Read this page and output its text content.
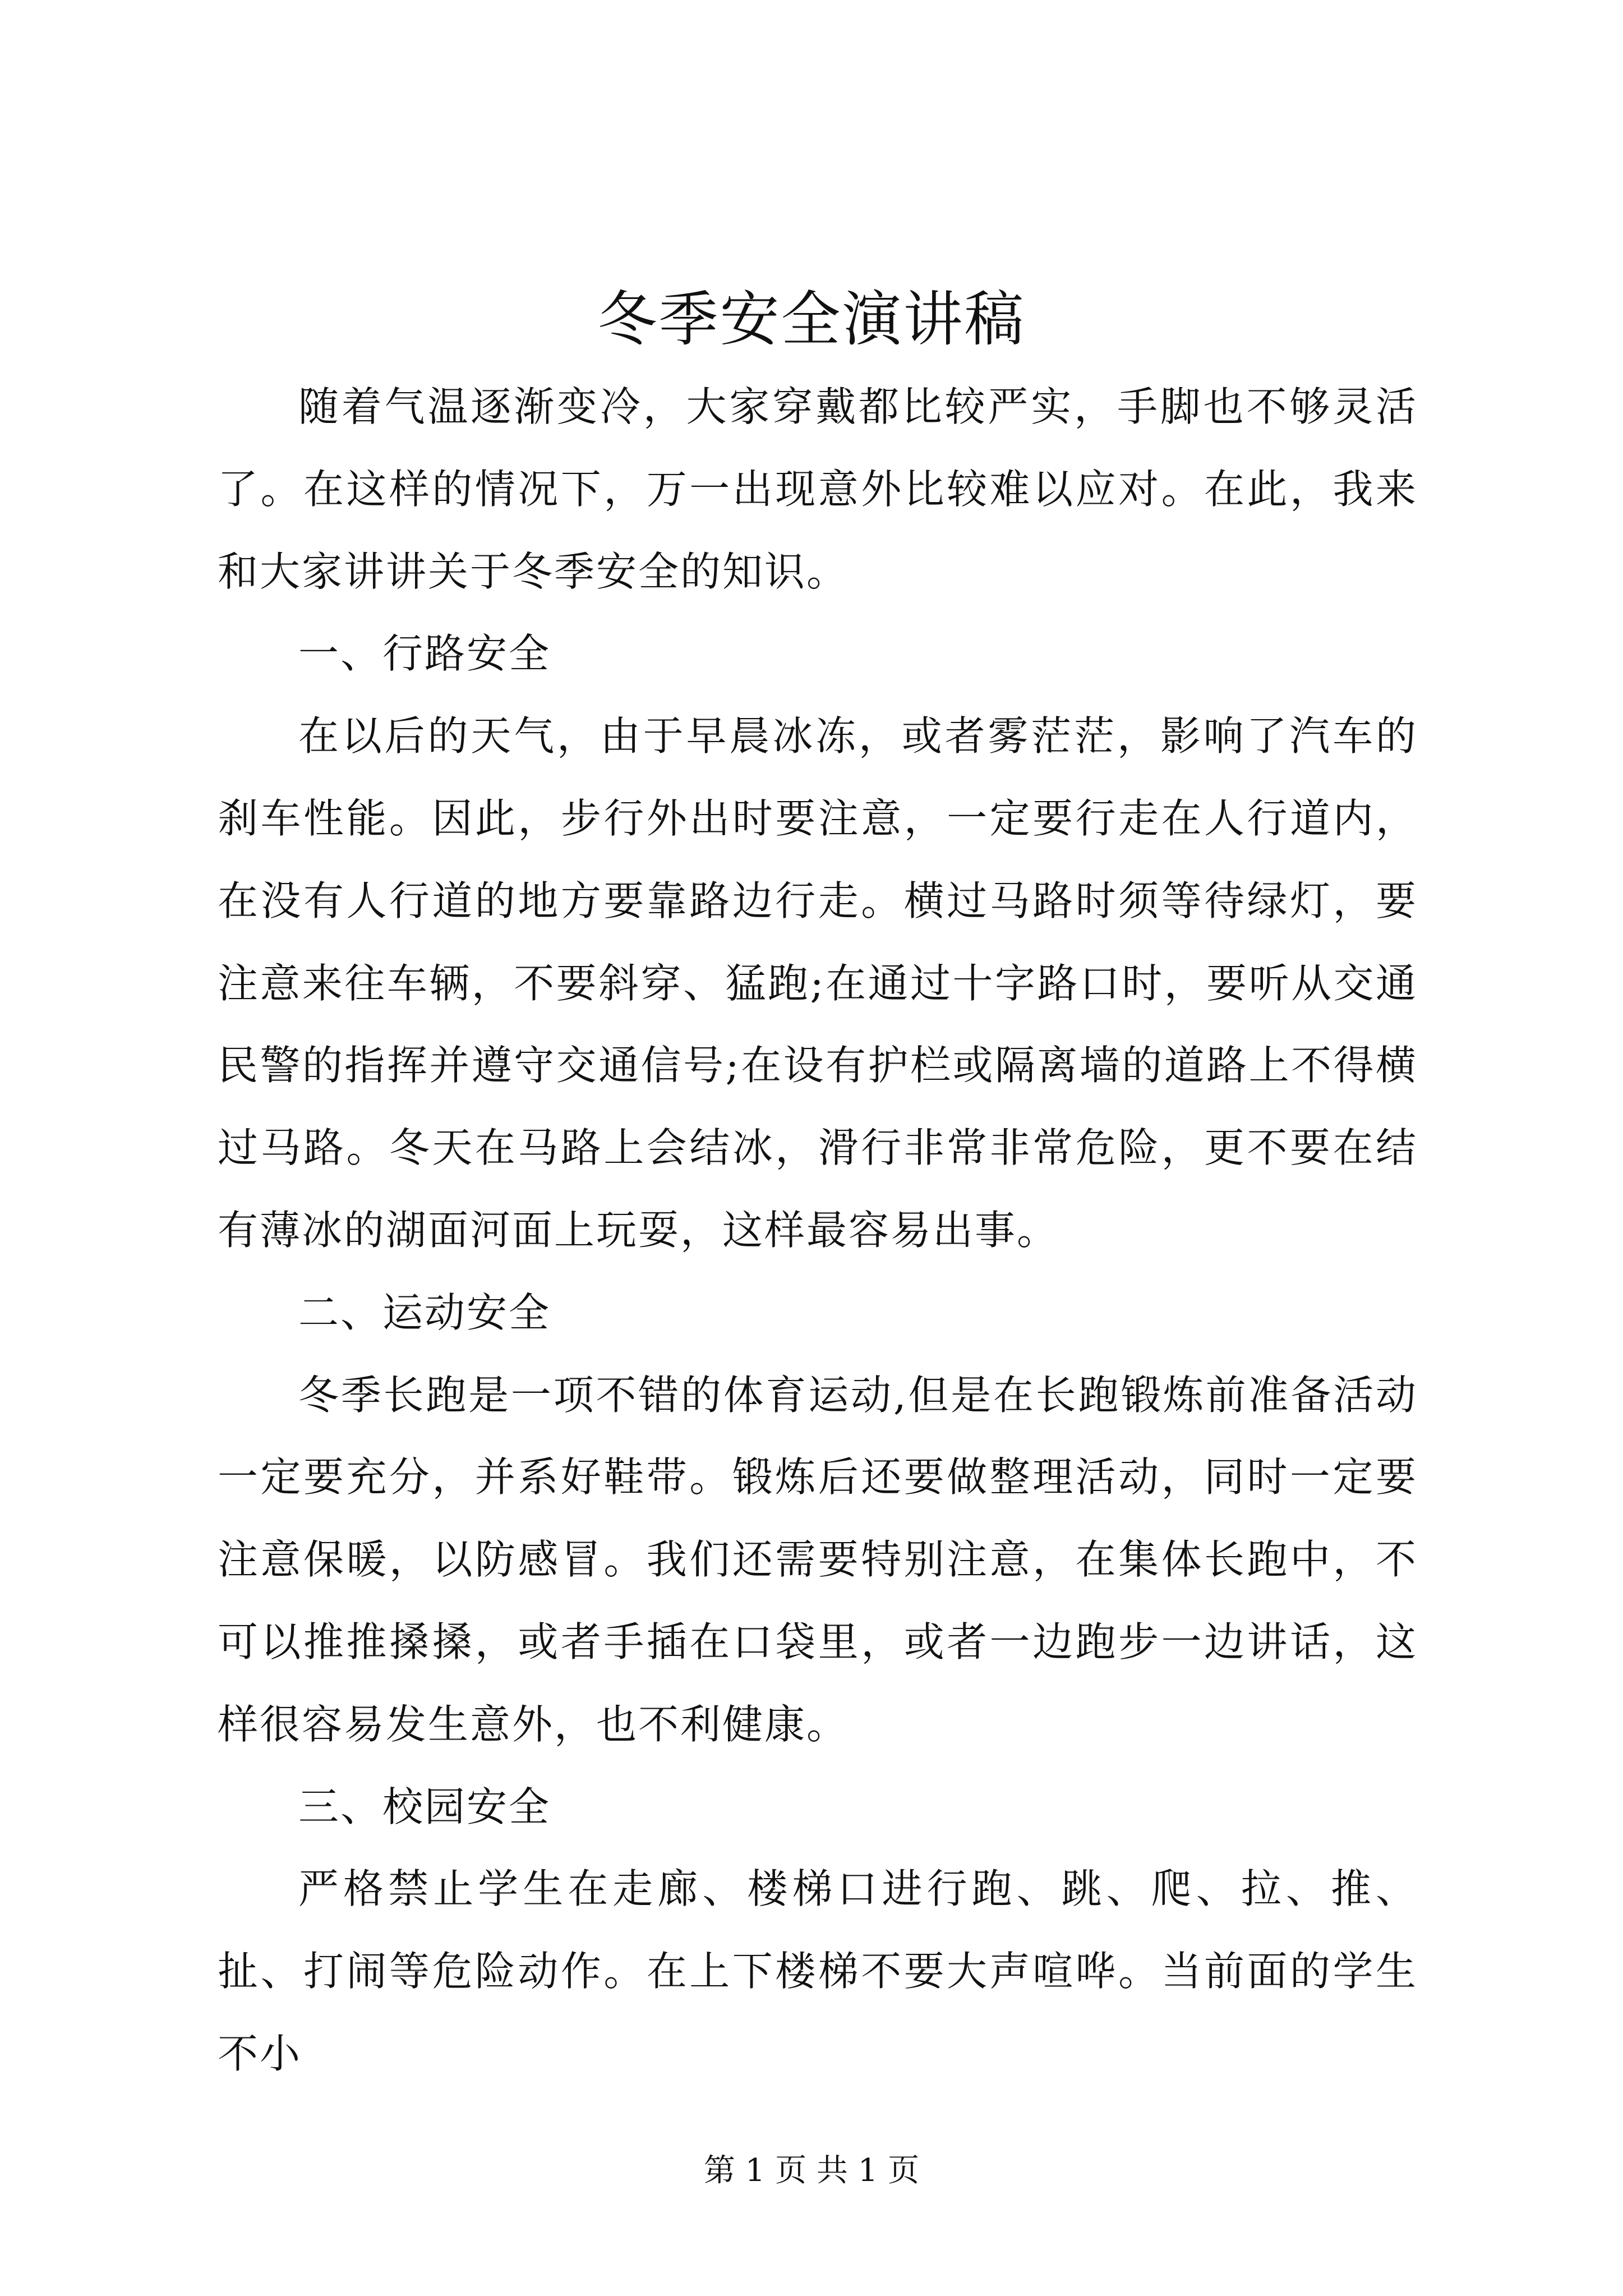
冬季安全演讲稿

随着气温逐渐变冷，大家穿戴都比较严实，手脚也不够灵活了。在这样的情况下，万一出现意外比较难以应对。在此，我来和大家讲讲关于冬季安全的知识。

一、行路安全

在以后的天气，由于早晨冰冻，或者雾茫茫，影响了汽车的刹车性能。因此，步行外出时要注意，一定要行走在人行道内，在没有人行道的地方要靠路边行走。横过马路时须等待绿灯，要注意来往车辆，不要斜穿、猛跑;在通过十字路口时，要听从交通民警的指挥并遵守交通信号;在设有护栏或隔离墙的道路上不得横过马路。冬天在马路上会结冰，滑行非常非常危险，更不要在结有薄冰的湖面河面上玩耍，这样最容易出事。

二、运动安全

冬季长跑是一项不错的体育运动,但是在长跑锻炼前准备活动一定要充分，并系好鞋带。锻炼后还要做整理活动，同时一定要注意保暖，以防感冒。我们还需要特别注意，在集体长跑中，不可以推推搡搡，或者手插在口袋里，或者一边跑步一边讲话，这样很容易发生意外，也不利健康。

三、校园安全

严格禁止学生在走廊、楼梯口进行跑、跳、爬、拉、推、扯、打闹等危险动作。在上下楼梯不要大声喧哗。当前面的学生不小

第 1 页 共 1 页
